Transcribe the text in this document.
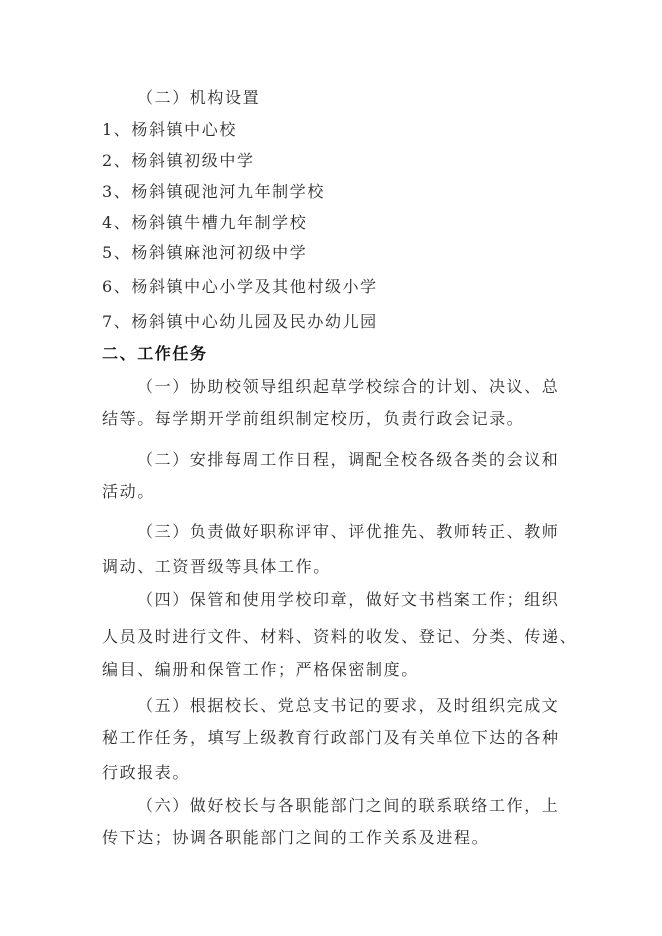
（二）机构设置
1、杨斜镇中心校
2、杨斜镇初级中学
3、杨斜镇砚池河九年制学校
4、杨斜镇牛槽九年制学校
5、杨斜镇麻池河初级中学
6、杨斜镇中心小学及其他村级小学
7、杨斜镇中心幼儿园及民办幼儿园
二、工作任务
（一）协助校领导组织起草学校综合的计划、决议、总
结等。每学期开学前组织制定校历，负责行政会记录。
（二）安排每周工作日程，调配全校各级各类的会议和
活动。
（三）负责做好职称评审、评优推先、教师转正、教师
调动、工资晋级等具体工作。
（四）保管和使用学校印章，做好文书档案工作；组织
人员及时进行文件、材料、资料的收发、登记、分类、传递、
编目、编册和保管工作；严格保密制度。
（五）根据校长、党总支书记的要求，及时组织完成文
秘工作任务，填写上级教育行政部门及有关单位下达的各种
行政报表。
（六）做好校长与各职能部门之间的联系联络工作，上
传下达；协调各职能部门之间的工作关系及进程。
